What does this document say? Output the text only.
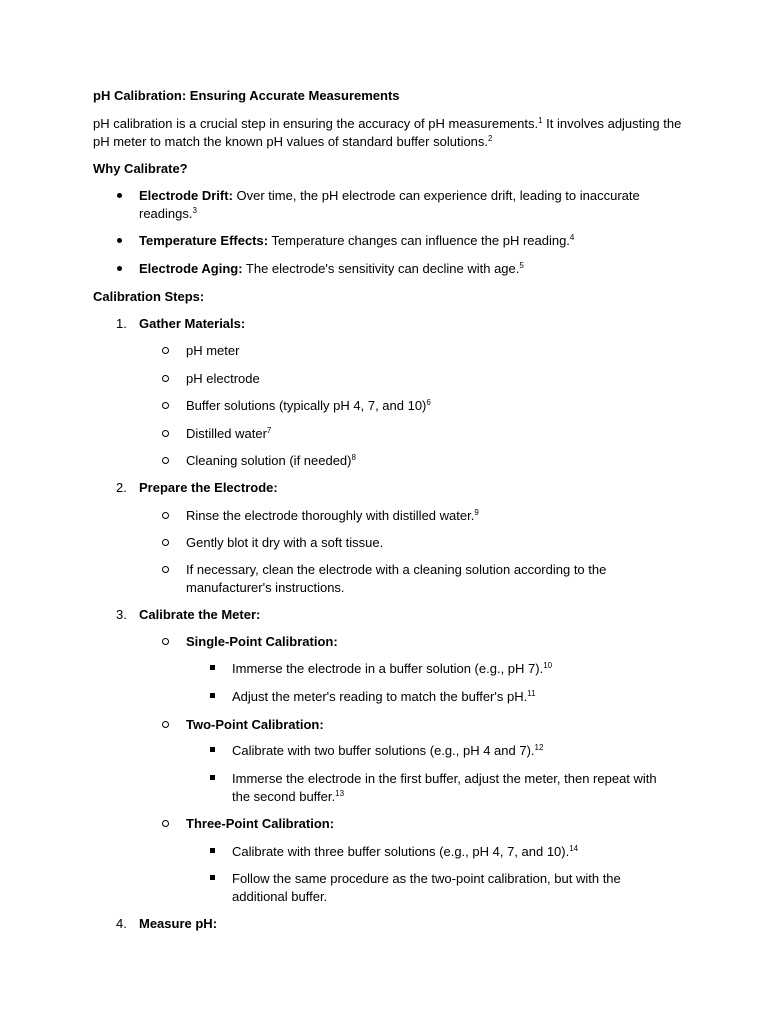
pH Calibration: Ensuring Accurate Measurements
pH calibration is a crucial step in ensuring the accuracy of pH measurements.$^1$ It involves adjusting the pH meter to match the known pH values of standard buffer solutions.$^2$
Why Calibrate?
Electrode Drift: Over time, the pH electrode can experience drift, leading to inaccurate readings.$^3$
Temperature Effects: Temperature changes can influence the pH reading.$^4$
Electrode Aging: The electrode's sensitivity can decline with age.$^5$
Calibration Steps:
1. Gather Materials:
pH meter
pH electrode
Buffer solutions (typically pH 4, 7, and 10)$^6$
Distilled water$^7$
Cleaning solution (if needed)$^8$
2. Prepare the Electrode:
Rinse the electrode thoroughly with distilled water.$^9$
Gently blot it dry with a soft tissue.
If necessary, clean the electrode with a cleaning solution according to the manufacturer's instructions.
3. Calibrate the Meter:
Single-Point Calibration:
Immerse the electrode in a buffer solution (e.g., pH 7).$^{10}$
Adjust the meter's reading to match the buffer's pH.$^{11}$
Two-Point Calibration:
Calibrate with two buffer solutions (e.g., pH 4 and 7).$^{12}$
Immerse the electrode in the first buffer, adjust the meter, then repeat with the second buffer.$^{13}$
Three-Point Calibration:
Calibrate with three buffer solutions (e.g., pH 4, 7, and 10).$^{14}$
Follow the same procedure as the two-point calibration, but with the additional buffer.
4. Measure pH:
